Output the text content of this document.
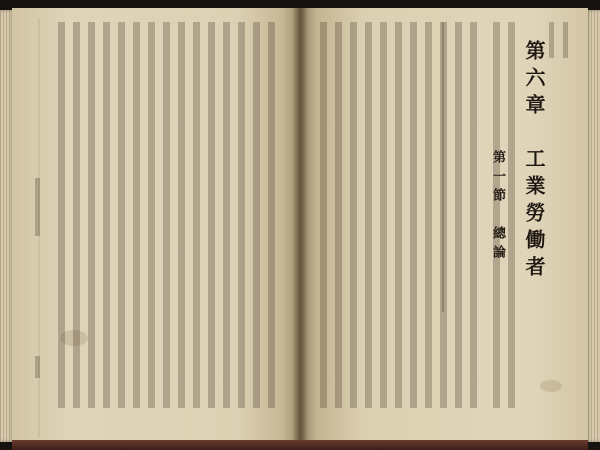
第六章　工業勞働者
第一節　總論
